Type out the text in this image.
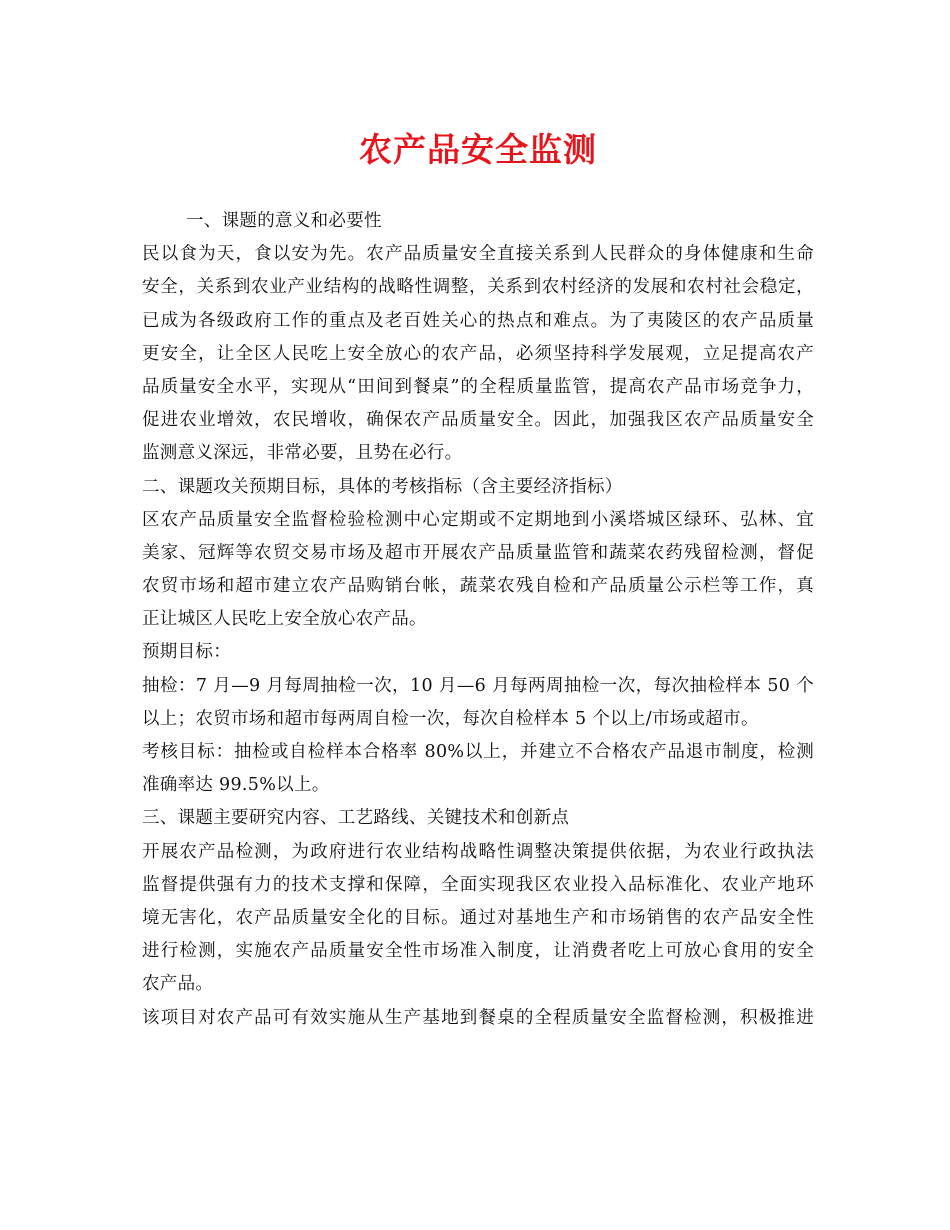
农产品安全监测
一、课题的意义和必要性
民以食为天，食以安为先。农产品质量安全直接关系到人民群众的身体健康和生命
安全，关系到农业产业结构的战略性调整，关系到农村经济的发展和农村社会稳定，
已成为各级政府工作的重点及老百姓关心的热点和难点。为了夷陵区的农产品质量
更安全，让全区人民吃上安全放心的农产品，必须坚持科学发展观，立足提高农产
品质量安全水平，实现从“田间到餐桌”的全程质量监管，提高农产品市场竞争力，
促进农业增效，农民增收，确保农产品质量安全。因此，加强我区农产品质量安全
监测意义深远，非常必要，且势在必行。
二、课题攻关预期目标，具体的考核指标（含主要经济指标）
区农产品质量安全监督检验检测中心定期或不定期地到小溪塔城区绿环、弘林、宜
美家、冠辉等农贸交易市场及超市开展农产品质量监管和蔬菜农药残留检测，督促
农贸市场和超市建立农产品购销台帐，蔬菜农残自检和产品质量公示栏等工作，真
正让城区人民吃上安全放心农产品。
预期目标：
抽检：7 月—9 月每周抽检一次，10 月—6 月每两周抽检一次，每次抽检样本 50 个
以上；农贸市场和超市每两周自检一次，每次自检样本 5 个以上/市场或超市。
考核目标：抽检或自检样本合格率 80%以上，并建立不合格农产品退市制度，检测
准确率达 99.5%以上。
三、课题主要研究内容、工艺路线、关键技术和创新点
开展农产品检测，为政府进行农业结构战略性调整决策提供依据，为农业行政执法
监督提供强有力的技术支撑和保障，全面实现我区农业投入品标准化、农业产地环
境无害化，农产品质量安全化的目标。通过对基地生产和市场销售的农产品安全性
进行检测，实施农产品质量安全性市场准入制度，让消费者吃上可放心食用的安全
农产品。
该项目对农产品可有效实施从生产基地到餐桌的全程质量安全监督检测，积极推进
